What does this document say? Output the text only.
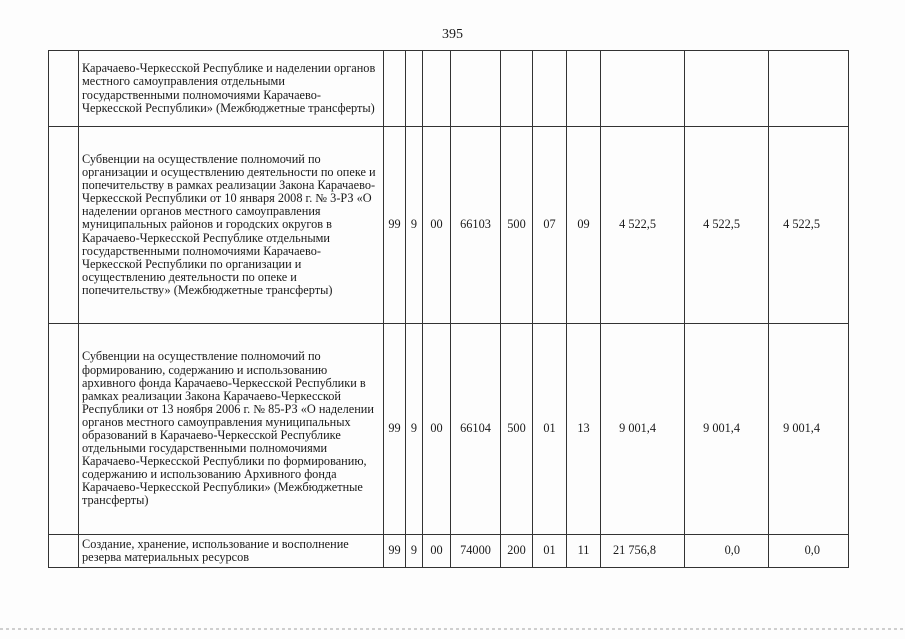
395
	Карачаево-Черкесской Республике и наделении органов местного самоуправления отдельными государственными полномочиями Карачаево-Черкесской Республики» (Межбюджетные трансферты)										
	Субвенции на осуществление полномочий по организации и осуществлению деятельности по опеке и попечительству в рамках реализации Закона Карачаево-Черкесской Республики от 10 января 2008 г. № 3-РЗ «О наделении органов местного самоуправления муниципальных районов и городских округов в Карачаево-Черкесской Республике отдельными государственными полномочиями Карачаево-Черкесской Республики по организации и осуществлению деятельности по опеке и попечительству» (Межбюджетные трансферты)	99	9	00	66103	500	07	09	4 522,5	4 522,5	4 522,5
	Субвенции на осуществление полномочий по формированию, содержанию и использованию архивного фонда Карачаево-Черкесской Республики в рамках реализации Закона Карачаево-Черкесской Республики от 13 ноября 2006 г. № 85-РЗ «О наделении органов местного самоуправления муниципальных образований в Карачаево-Черкесской Республике отдельными государственными полномочиями Карачаево-Черкесской Республики по формированию, содержанию и использованию Архивного фонда Карачаево-Черкесской Республики» (Межбюджетные трансферты)	99	9	00	66104	500	01	13	9 001,4	9 001,4	9 001,4
	Создание, хранение, использование и восполнение резерва материальных ресурсов	99	9	00	74000	200	01	11	21 756,8	0,0	0,0
